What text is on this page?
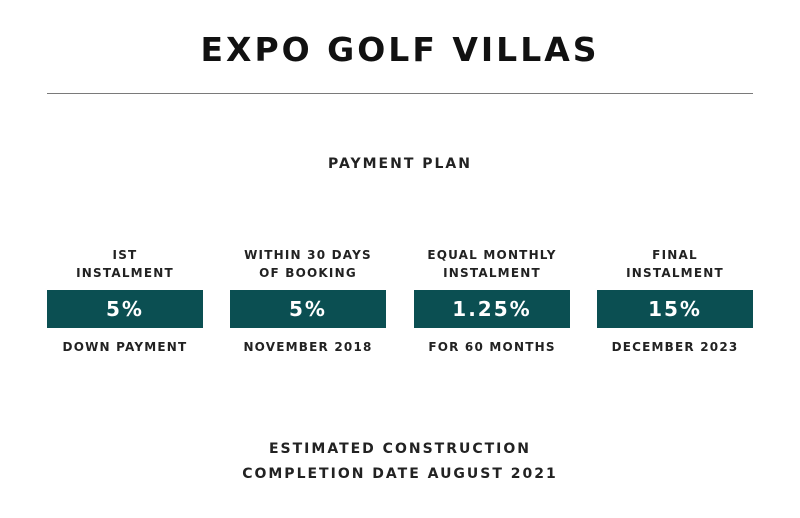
EXPO GOLF VILLAS
PAYMENT PLAN
IST
INSTALMENT
5%
DOWN PAYMENT
WITHIN 30 DAYS
OF BOOKING
5%
NOVEMBER 2018
EQUAL MONTHLY
INSTALMENT
1.25%
FOR 60 MONTHS
FINAL
INSTALMENT
15%
DECEMBER 2023
ESTIMATED CONSTRUCTION
COMPLETION DATE AUGUST 2021
